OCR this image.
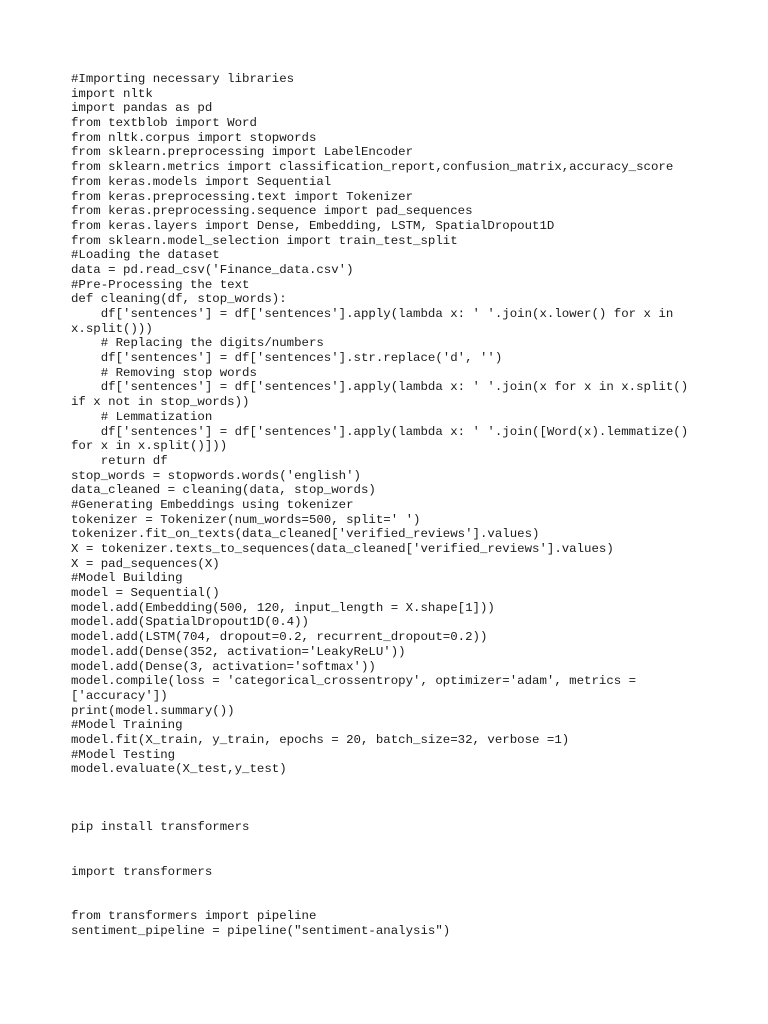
#Importing necessary libraries
import nltk
import pandas as pd
from textblob import Word
from nltk.corpus import stopwords
from sklearn.preprocessing import LabelEncoder
from sklearn.metrics import classification_report,confusion_matrix,accuracy_score
from keras.models import Sequential
from keras.preprocessing.text import Tokenizer
from keras.preprocessing.sequence import pad_sequences
from keras.layers import Dense, Embedding, LSTM, SpatialDropout1D
from sklearn.model_selection import train_test_split
#Loading the dataset
data = pd.read_csv('Finance_data.csv')
#Pre-Processing the text
def cleaning(df, stop_words):
df['sentences'] = df['sentences'].apply(lambda x: ' '.join(x.lower() for x in
x.split()))
# Replacing the digits/numbers
df['sentences'] = df['sentences'].str.replace('d', '')
# Removing stop words
df['sentences'] = df['sentences'].apply(lambda x: ' '.join(x for x in x.split()
if x not in stop_words))
# Lemmatization
df['sentences'] = df['sentences'].apply(lambda x: ' '.join([Word(x).lemmatize()
for x in x.split()]))
return df
stop_words = stopwords.words('english')
data_cleaned = cleaning(data, stop_words)
#Generating Embeddings using tokenizer
tokenizer = Tokenizer(num_words=500, split=' ')
tokenizer.fit_on_texts(data_cleaned['verified_reviews'].values)
X = tokenizer.texts_to_sequences(data_cleaned['verified_reviews'].values)
X = pad_sequences(X)
#Model Building
model = Sequential()
model.add(Embedding(500, 120, input_length = X.shape[1]))
model.add(SpatialDropout1D(0.4))
model.add(LSTM(704, dropout=0.2, recurrent_dropout=0.2))
model.add(Dense(352, activation='LeakyReLU'))
model.add(Dense(3, activation='softmax'))
model.compile(loss = 'categorical_crossentropy', optimizer='adam', metrics =
['accuracy'])
print(model.summary())
#Model Training
model.fit(X_train, y_train, epochs = 20, batch_size=32, verbose =1)
#Model Testing
model.evaluate(X_test,y_test)
pip install transformers
import transformers
from transformers import pipeline
sentiment_pipeline = pipeline("sentiment-analysis")
